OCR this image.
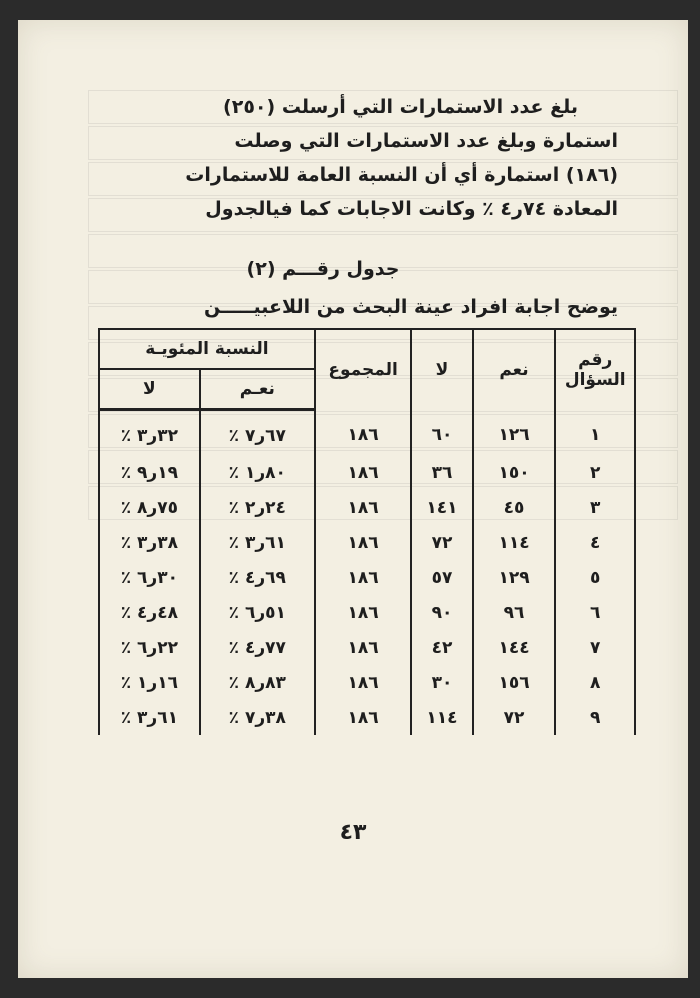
بلغ عدد الاستمارات التي أرسلت (٢٥٠)

استمارة وبلغ عدد الاستمارات التي وصلت

(١٨٦) استمارة أي أن النسبة العامة للاستمارات

المعادة ٧٤ر٤ ٪ وكانت الاجابات كما فيالجدول

جدول رقـــم (٢)
يوضح اجابة افراد عينة البحث من اللاعبيـــــن
رقم السؤال	نعم	لا	المجموع	النسبة المئويـة	
				نعـم	لا
١	١٢٦	٦٠	١٨٦	٦٧ر٧ ٪	٣٢ر٣ ٪
٢	١٥٠	٣٦	١٨٦	٨٠ر١ ٪	١٩ر٩ ٪
٣	٤٥	١٤١	١٨٦	٢٤ر٢ ٪	٧٥ر٨ ٪
٤	١١٤	٧٢	١٨٦	٦١ر٣ ٪	٣٨ر٣ ٪
٥	١٢٩	٥٧	١٨٦	٦٩ر٤ ٪	٣٠ر٦ ٪
٦	٩٦	٩٠	١٨٦	٥١ر٦ ٪	٤٨ر٤ ٪
٧	١٤٤	٤٢	١٨٦	٧٧ر٤ ٪	٢٢ر٦ ٪
٨	١٥٦	٣٠	١٨٦	٨٣ر٨ ٪	١٦ر١ ٪
٩	٧٢	١١٤	١٨٦	٣٨ر٧ ٪	٦١ر٣ ٪
٤٣
